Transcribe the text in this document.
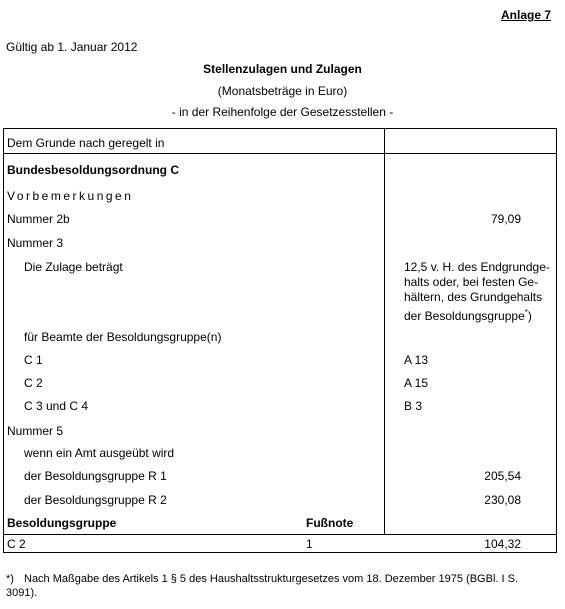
Anlage 7
Gültig ab 1. Januar 2012
Stellenzulagen und Zulagen
(Monatsbeträge in Euro)
- in der Reihenfolge der Gesetzesstellen -
Dem Grunde nach geregelt in
Bundesbesoldungsordnung C
Vorbemerkungen
Nummer 2b	79,09
Nummer 3
Die Zulage beträgt	12,5 v. H. des Endgrundge-
halts oder, bei festen Ge-
hältern, des Grundgehalts
der Besoldungsgruppe*)
für Beamte der Besoldungsgruppe(n)
C 1	A 13
C 2	A 15
C 3 und C 4	B 3
Nummer 5
wenn ein Amt ausgeübt wird
der Besoldungsgruppe R 1	205,54
der Besoldungsgruppe R 2	230,08
Besoldungsgruppe	Fußnote
C 2	1	104,32
*) Nach Maßgabe des Artikels 1 § 5 des Haushaltsstrukturgesetzes vom 18. Dezember 1975 (BGBl. I S. 3091).
